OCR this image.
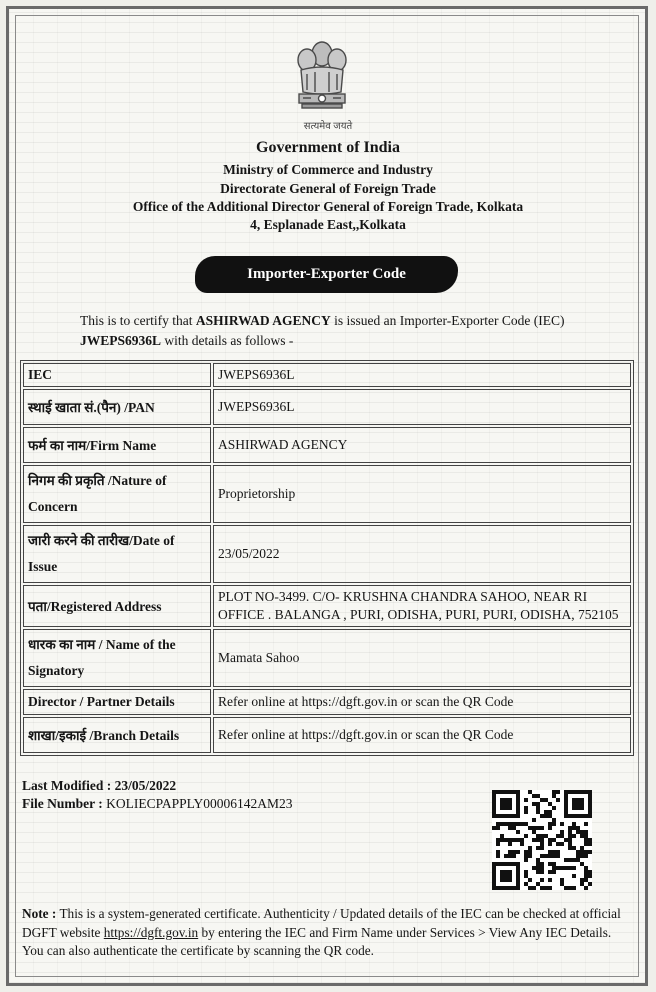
सत्यमेव जयते
Government of India
Ministry of Commerce and Industry
Directorate General of Foreign Trade
Office of the Additional Director General of Foreign Trade, Kolkata
4, Esplanade East,,Kolkata
Importer-Exporter Code
This is to certify that ASHIRWAD AGENCY is issued an Importer-Exporter Code (IEC) JWEPS6936L with details as follows -
IEC	JWEPS6936L
स्थाई खाता सं.(पैन) /PAN	JWEPS6936L
फर्म का नाम/Firm Name	ASHIRWAD AGENCY
निगम की प्रकृति /Nature of Concern	Proprietorship
जारी करने की तारीख/Date of Issue	23/05/2022
पता/Registered Address	PLOT NO-3499. C/O- KRUSHNA CHANDRA SAHOO, NEAR RI OFFICE . BALANGA , PURI, ODISHA, PURI, PURI, ODISHA, 752105
धारक का नाम / Name of the Signatory	Mamata Sahoo
Director / Partner Details	Refer online at https://dgft.gov.in or scan the QR Code
शाखा/इकाई /Branch Details	Refer online at https://dgft.gov.in or scan the QR Code
Last Modified : 23/05/2022
File Number : KOLIECPAPPLY00006142AM23
Note : This is a system-generated certificate. Authenticity / Updated details of the IEC can be checked at official DGFT website https://dgft.gov.in by entering the IEC and Firm Name under Services > View Any IEC Details. You can also authenticate the certificate by scanning the QR code.
